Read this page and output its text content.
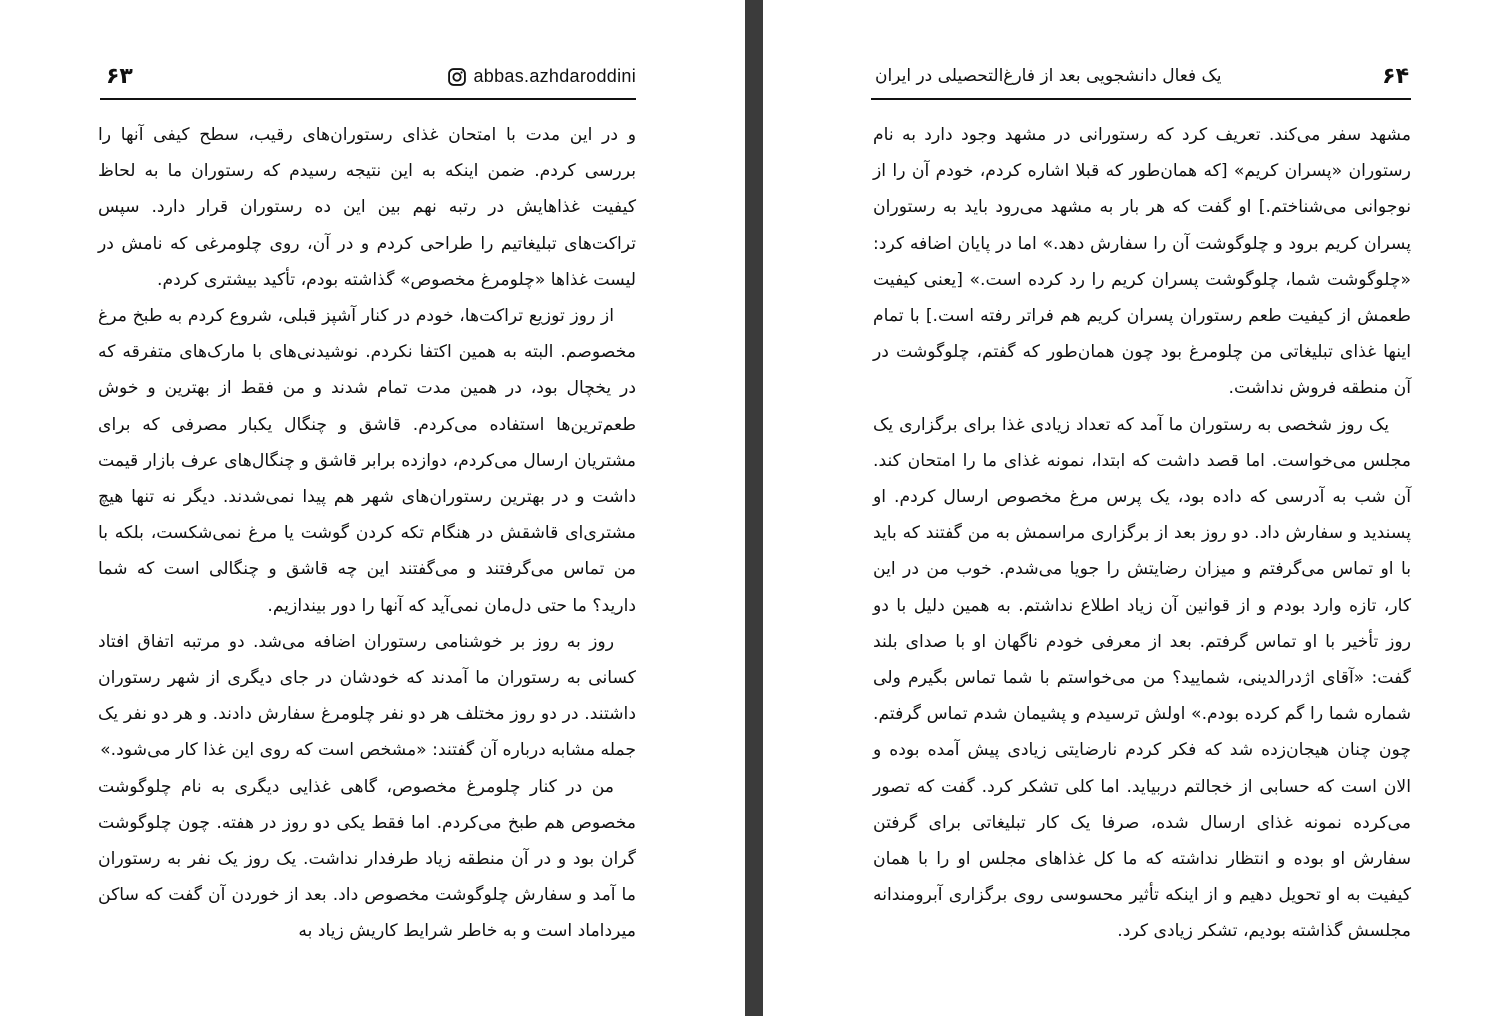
۶۳	abbas.azhdaroddini

و در این مدت با امتحان غذای رستوران‌های رقیب، سطح کیفی آنها را بررسی کردم. ضمن اینکه به این نتیجه رسیدم که رستوران ما به لحاظ کیفیت غذاهایش در رتبه نهم بین این ده رستوران قرار دارد. سپس تراکت‌های تبلیغاتیم را طراحی کردم و در آن، روی چلومرغی که نامش در لیست غذاها «چلومرغ مخصوص» گذاشته بودم، تأکید بیشتری کردم.

از روز توزیع تراکت‌ها، خودم در کنار آشپز قبلی، شروع کردم به طبخ مرغ مخصوصم. البته به همین اکتفا نکردم. نوشیدنی‌های با مارک‌های متفرقه که در یخچال بود، در همین مدت تمام شدند و من فقط از بهترین و خوش طعم‌ترین‌ها استفاده می‌کردم. قاشق و چنگال یکبار مصرفی که برای مشتریان ارسال می‌کردم، دوازده برابر قاشق و چنگال‌های عرف بازار قیمت داشت و در بهترین رستوران‌های شهر هم پیدا نمی‌شدند. دیگر نه تنها هیچ مشتری‌ای قاشقش در هنگام تکه کردن گوشت یا مرغ نمی‌شکست، بلکه با من تماس می‌گرفتند و می‌گفتند این چه قاشق و چنگالی است که شما دارید؟ ما حتی دل‌مان نمی‌آید که آنها را دور بیندازیم.

روز به روز بر خوشنامی رستوران اضافه می‌شد. دو مرتبه اتفاق افتاد کسانی به رستوران ما آمدند که خودشان در جای دیگری از شهر رستوران داشتند. در دو روز مختلف هر دو نفر چلومرغ سفارش دادند. و هر دو نفر یک جمله مشابه درباره آن گفتند: «مشخص است که روی این غذا کار می‌شود.»

من در کنار چلومرغ مخصوص، گاهی غذایی دیگری به نام چلوگوشت مخصوص هم طبخ می‌کردم. اما فقط یکی دو روز در هفته. چون چلوگوشت گران بود و در آن منطقه زیاد طرفدار نداشت. یک روز یک نفر به رستوران ما آمد و سفارش چلوگوشت مخصوص داد. بعد از خوردن آن گفت که ساکن میرداماد است و به خاطر شرایط کاریش زیاد به

یک فعال دانشجویی بعد از فارغ‌التحصیلی در ایران	۶۴

مشهد سفر می‌کند. تعریف کرد که رستورانی در مشهد وجود دارد به نام رستوران «پسران کریم» [که همان‌طور که قبلا اشاره کردم، خودم آن را از نوجوانی می‌شناختم.] او گفت که هر بار به مشهد می‌رود باید به رستوران پسران کریم برود و چلوگوشت آن را سفارش دهد.» اما در پایان اضافه کرد: «چلوگوشت شما، چلوگوشت پسران کریم را رد کرده است.» [یعنی کیفیت طعمش از کیفیت طعم رستوران پسران کریم هم فراتر رفته است.] با تمام اینها غذای تبلیغاتی من چلومرغ بود چون همان‌طور که گفتم، چلوگوشت در آن منطقه فروش نداشت.

یک روز شخصی به رستوران ما آمد که تعداد زیادی غذا برای برگزاری یک مجلس می‌خواست. اما قصد داشت که ابتدا، نمونه غذای ما را امتحان کند. آن شب به آدرسی که داده بود، یک پرس مرغ مخصوص ارسال کردم. او پسندید و سفارش داد. دو روز بعد از برگزاری مراسمش به من گفتند که باید با او تماس می‌گرفتم و میزان رضایتش را جویا می‌شدم. خوب من در این کار، تازه وارد بودم و از قوانین آن زیاد اطلاع نداشتم. به همین دلیل با دو روز تأخیر با او تماس گرفتم. بعد از معرفی خودم ناگهان او با صدای بلند گفت: «آقای اژدرالدینی، شمایید؟ من می‌خواستم با شما تماس بگیرم ولی شماره شما را گم کرده بودم.» اولش ترسیدم و پشیمان شدم تماس گرفتم. چون چنان هیجان‌زده شد که فکر کردم نارضایتی زیادی پیش آمده بوده و الان است که حسابی از خجالتم دربیاید. اما کلی تشکر کرد. گفت که تصور می‌کرده نمونه غذای ارسال شده، صرفا یک کار تبلیغاتی برای گرفتن سفارش او بوده و انتظار نداشته که ما کل غذاهای مجلس او را با همان کیفیت به او تحویل دهیم و از اینکه تأثیر محسوسی روی برگزاری آبرومندانه مجلسش گذاشته بودیم، تشکر زیادی کرد.
